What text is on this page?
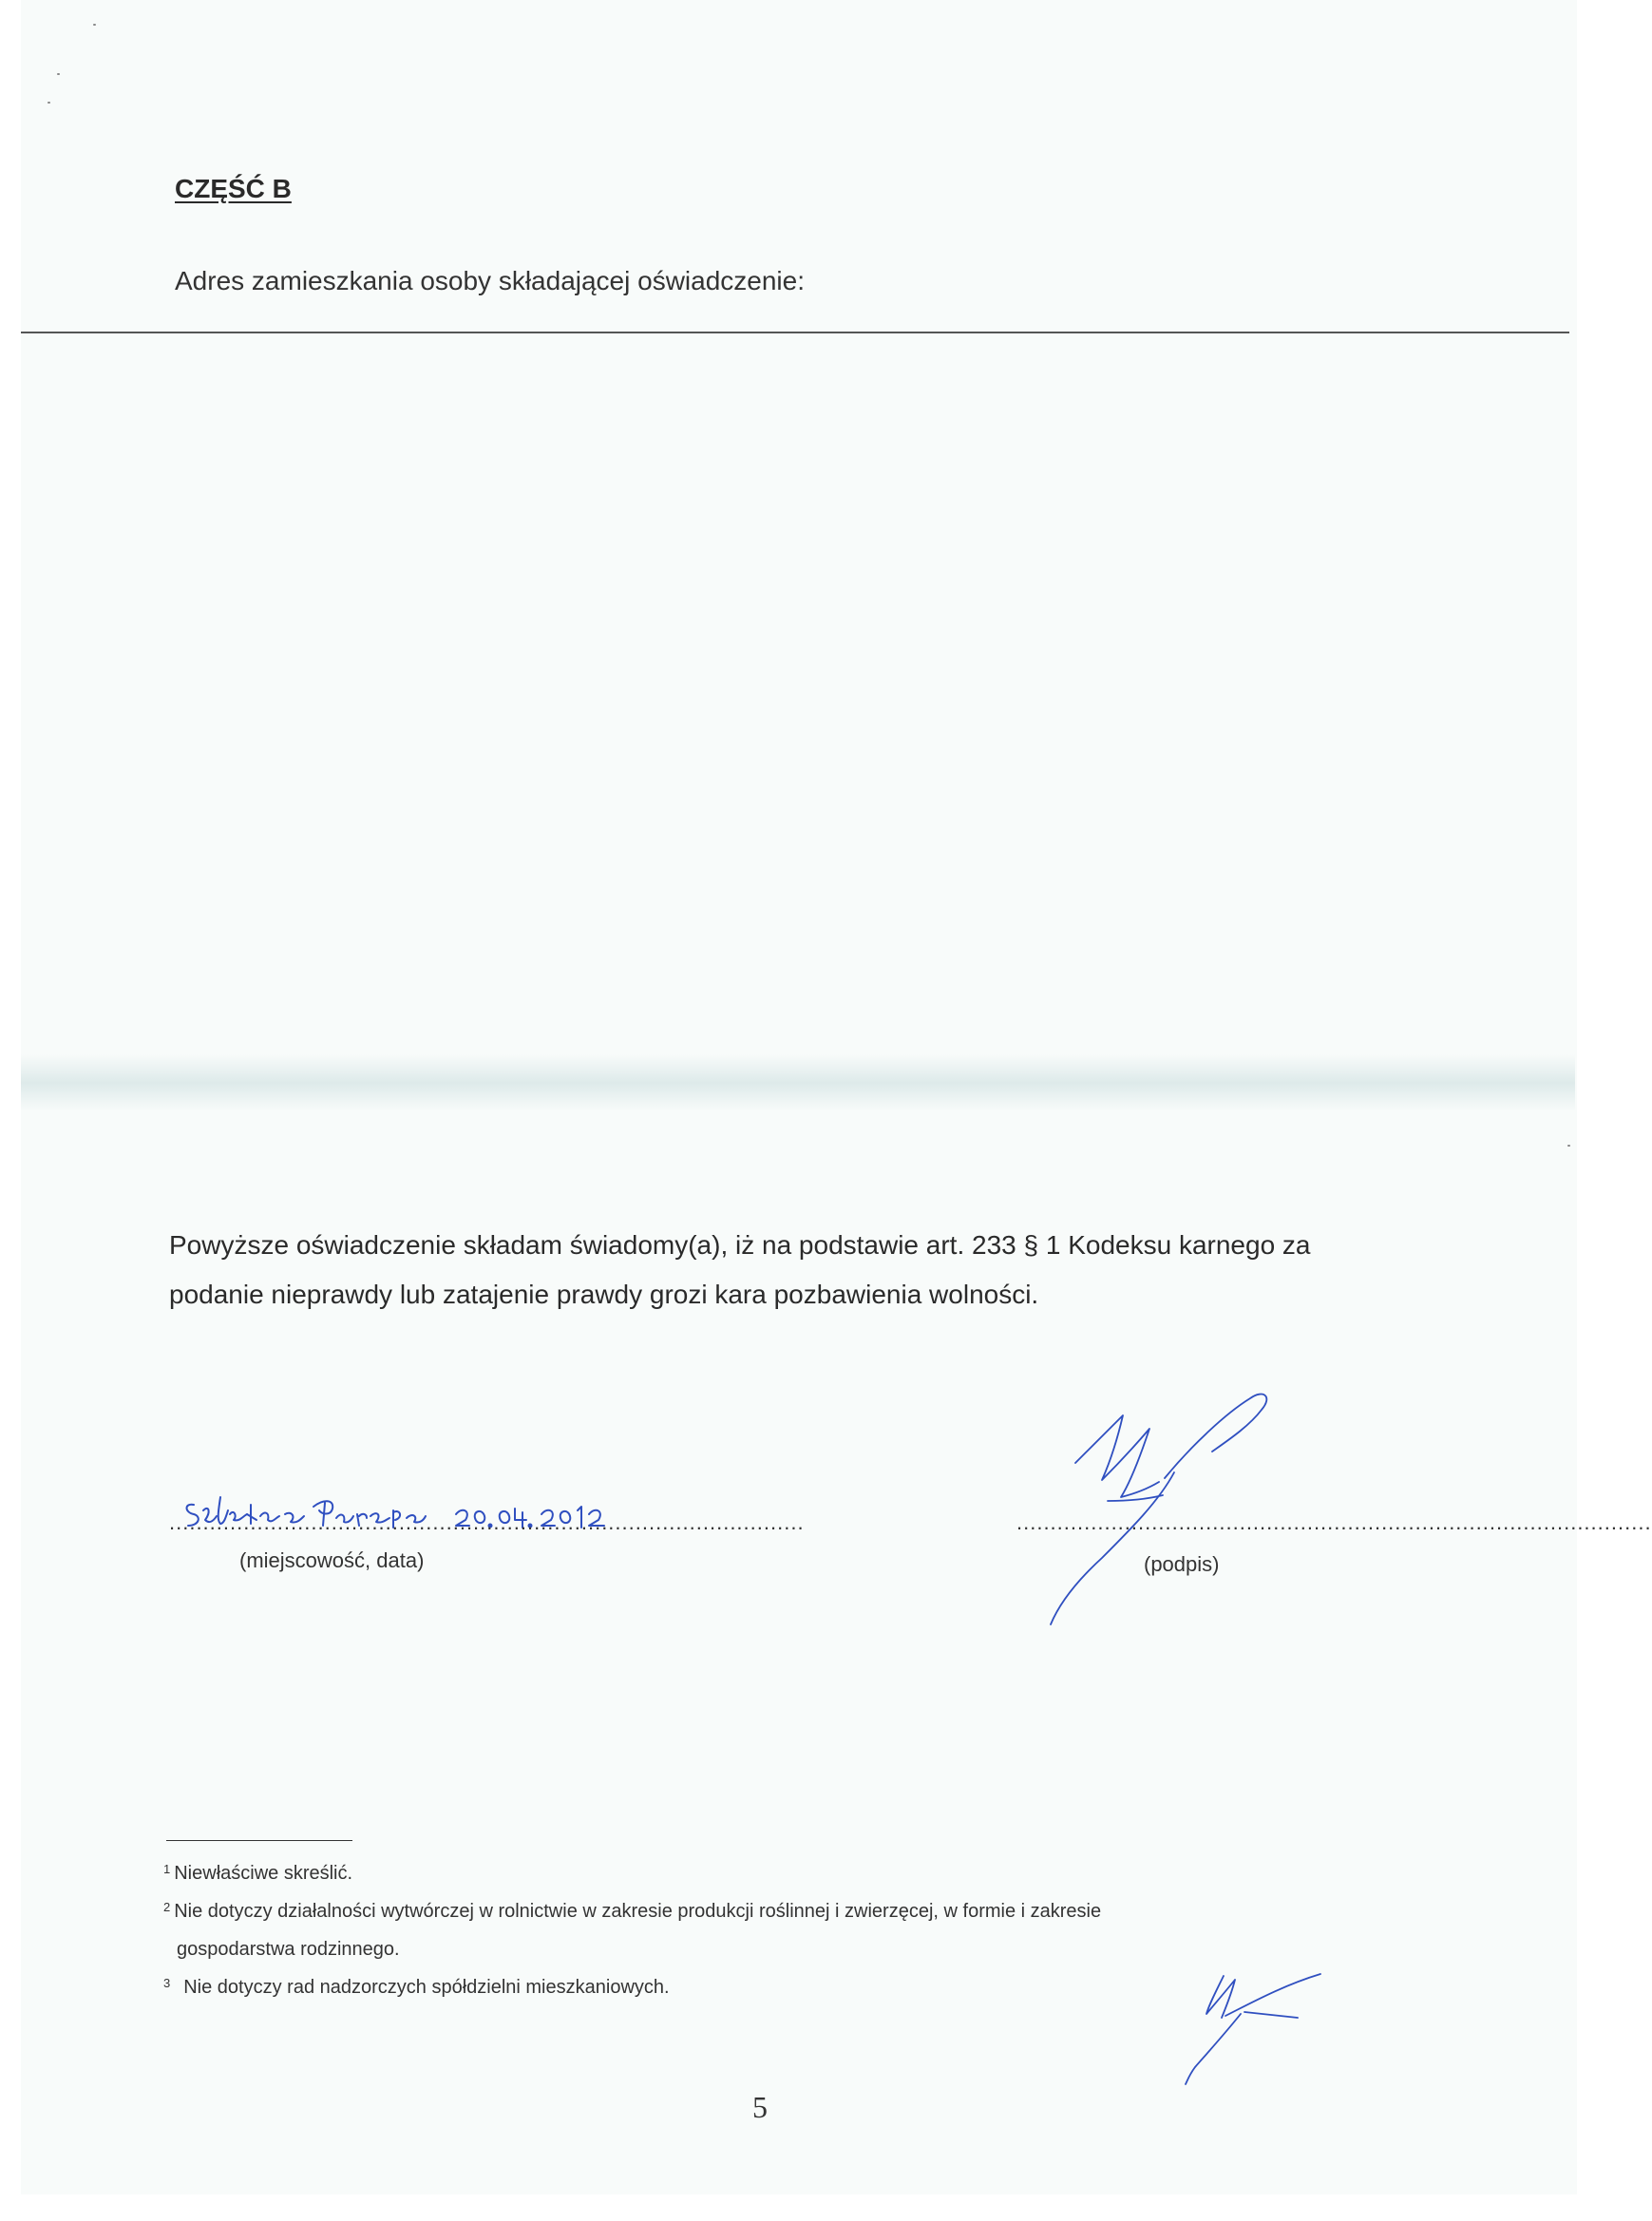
CZĘŚĆ B

Adres zamieszkania osoby składającej oświadczenie:

Powyższe oświadczenie składam świadomy(a), iż na podstawie art. 233 § 1 Kodeksu karnego za podanie nieprawdy lub zatajenie prawdy grozi kara pozbawienia wolności.

..............................................................................................
(miejscowość, data)
..............................................................................................
(podpis)
$^1$ Niewłaściwe skreślić.
$^2$ Nie dotyczy działalności wytwórczej w rolnictwie w zakresie produkcji roślinnej i zwierzęcej, w formie i zakresie
gospodarstwa rodzinnego.
$^3$ Nie dotyczy rad nadzorczych spółdzielni mieszkaniowych.
5
